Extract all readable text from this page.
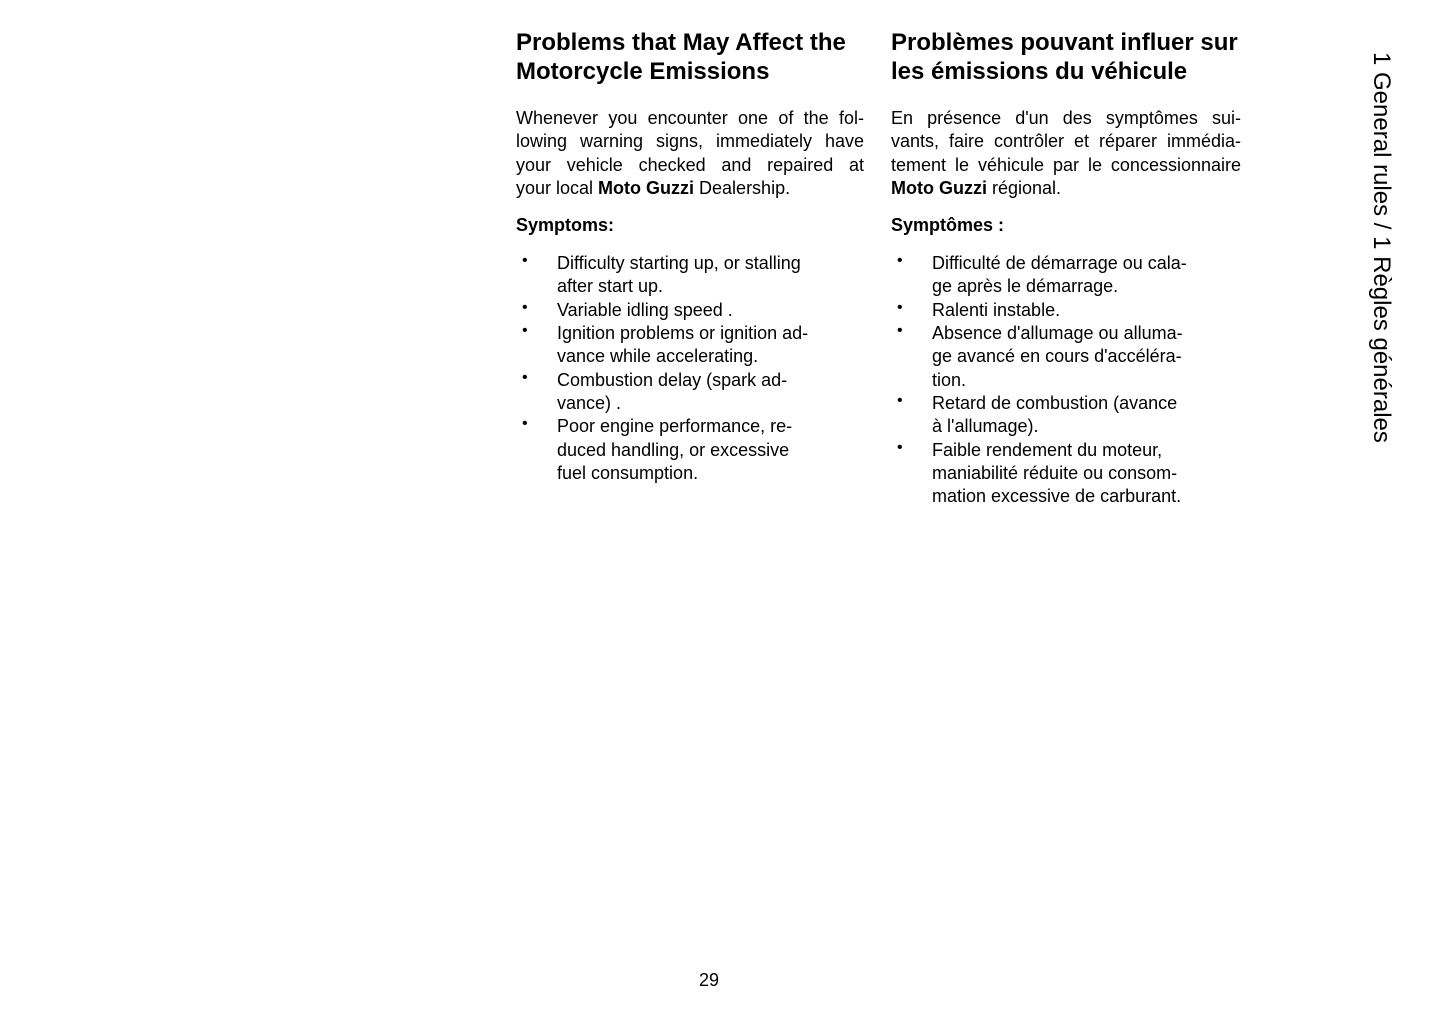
Problems that May Affect the
Motorcycle Emissions

Whenever you encounter one of the fol-
lowing warning signs, immediately have
your vehicle checked and repaired at
your local Moto Guzzi Dealership.

Symptoms:
• Difficulty starting up, or stalling
after start up.
• Variable idling speed .
• Ignition problems or ignition ad-
vance while accelerating.
• Combustion delay (spark ad-
vance) .
• Poor engine performance, re-
duced handling, or excessive
fuel consumption.
Problèmes pouvant influer sur
les émissions du véhicule

En présence d'un des symptômes sui-
vants, faire contrôler et réparer immédia-
tement le véhicule par le concessionnaire
Moto Guzzi régional.

Symptômes :
• Difficulté de démarrage ou cala-
ge après le démarrage.
• Ralenti instable.
• Absence d'allumage ou alluma-
ge avancé en cours d'accéléra-
tion.
• Retard de combustion (avance
à l'allumage).
• Faible rendement du moteur,
maniabilité réduite ou consom-
mation excessive de carburant.
1 General rules / 1 Règles générales
29
